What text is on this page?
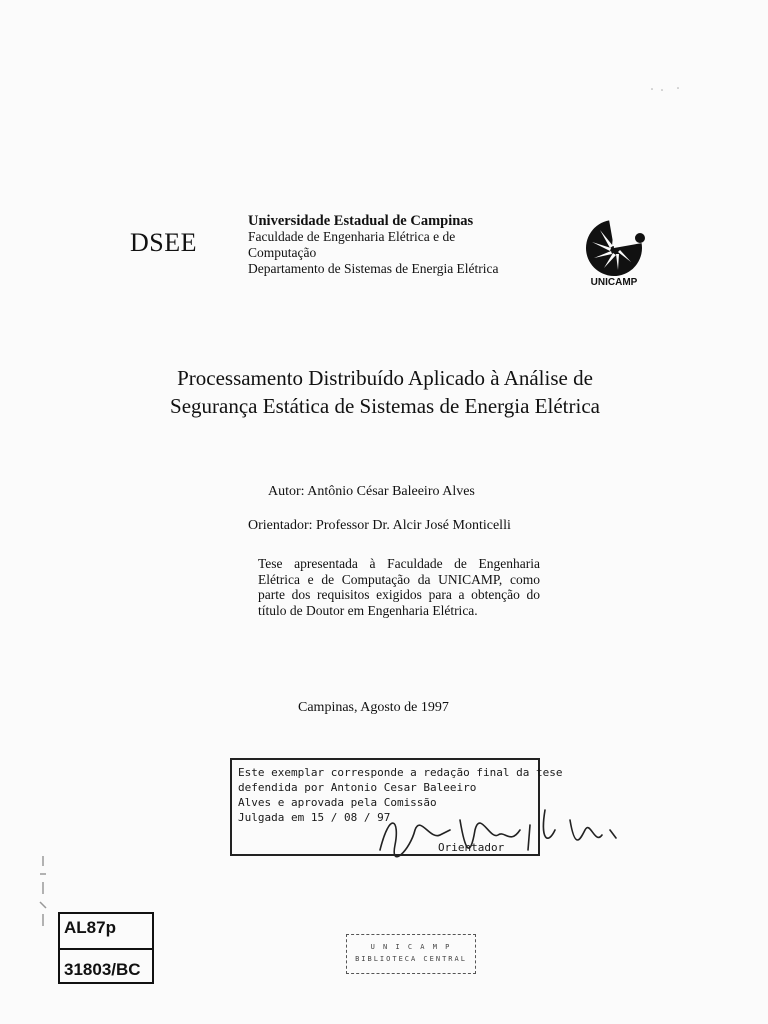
DSEE
Universidade Estadual de Campinas
Faculdade de Engenharia Elétrica e de
Computação
Departamento de Sistemas de Energia Elétrica
UNICAMP
Processamento Distribuído Aplicado à Análise de
Segurança Estática de Sistemas de Energia Elétrica
Autor: Antônio César Baleeiro Alves
Orientador: Professor Dr. Alcir José Monticelli
Tese apresentada à Faculdade de Engenharia Elétrica e de Computação da UNICAMP, como parte dos requisitos exigidos para a obtenção do título de Doutor em Engenharia Elétrica.
Campinas, Agosto de 1997
Este exemplar corresponde a redação final da tese
defendida por Antonio Cesar Baleeiro
Alves e aprovada pela Comissão
Julgada em 15 / 08 / 97
Orientador
AL87p
31803/BC
U N I C A M P
BIBLIOTECA CENTRAL
